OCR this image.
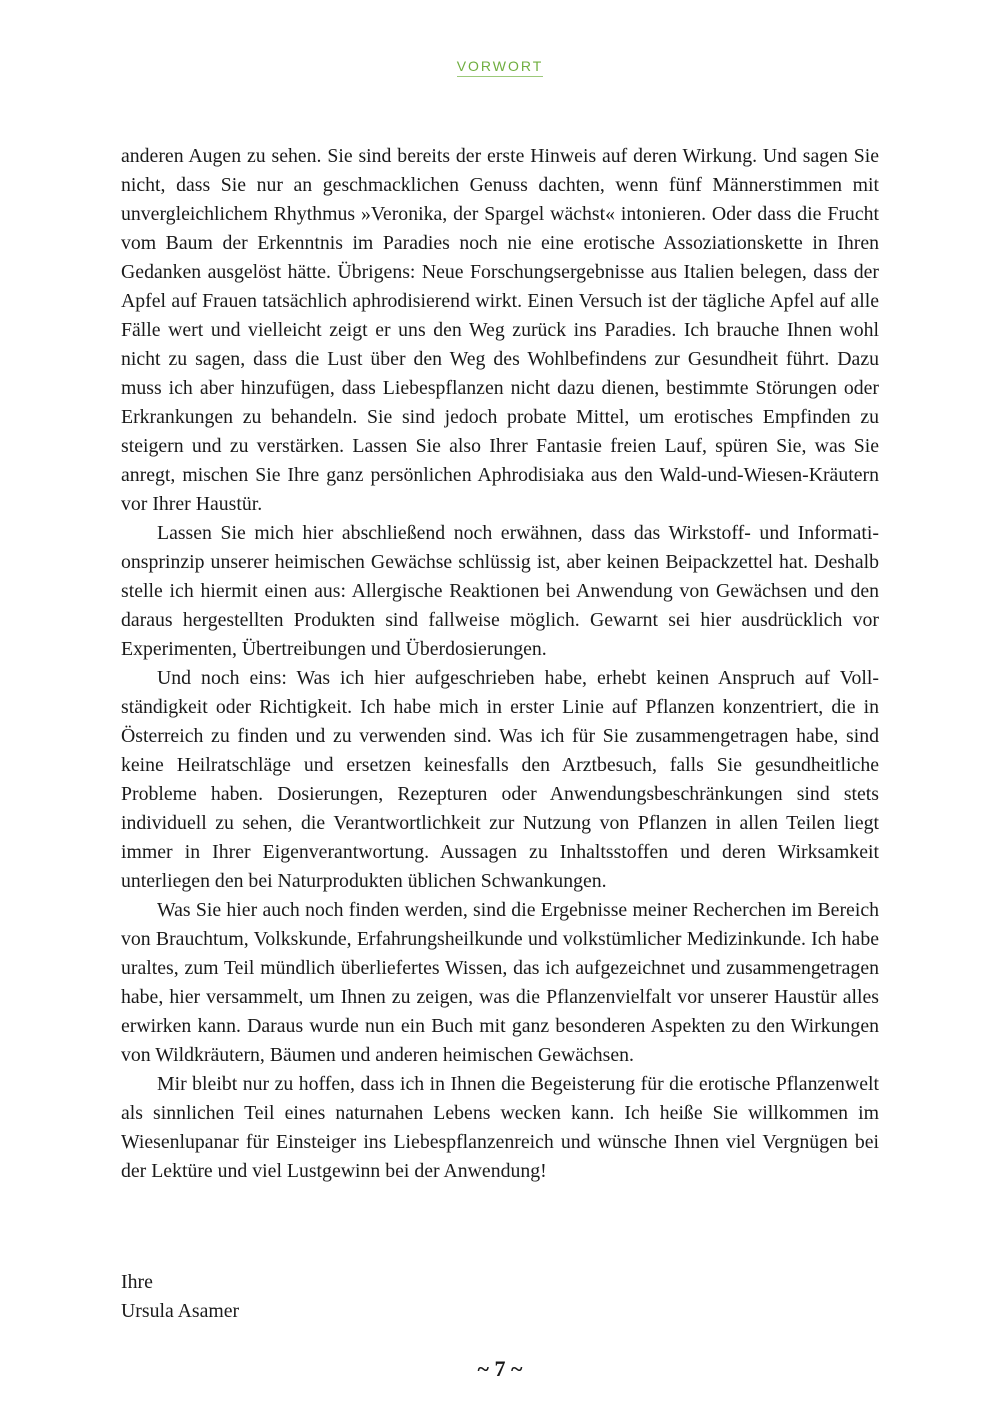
VORWORT

anderen Augen zu sehen. Sie sind bereits der erste Hinweis auf deren Wirkung. Und sagen Sie nicht, dass Sie nur an geschmacklichen Genuss dachten, wenn fünf Männerstimmen mit unvergleichlichem Rhythmus »Veronika, der Spargel wächst« intonieren. Oder dass die Frucht vom Baum der Erkenntnis im Paradies noch nie eine erotische Assoziationskette in Ihren Gedanken ausgelöst hätte. Übrigens: Neue Forschungsergebnisse aus Italien belegen, dass der Apfel auf Frauen tatsächlich aphrodisierend wirkt. Einen Versuch ist der tägliche Apfel auf alle Fälle wert und vielleicht zeigt er uns den Weg zurück ins Paradies. Ich brauche Ihnen wohl nicht zu sagen, dass die Lust über den Weg des Wohlbefindens zur Gesundheit führt. Dazu muss ich aber hinzufügen, dass Liebespflanzen nicht dazu dienen, bestimmte Störungen oder Erkrankungen zu behandeln. Sie sind jedoch probate Mittel, um erotisches Empfinden zu steigern und zu verstärken. Lassen Sie also Ihrer Fantasie freien Lauf, spüren Sie, was Sie anregt, mischen Sie Ihre ganz persönlichen Aphrodisiaka aus den Wald-und-Wiesen-Kräutern vor Ihrer Haustür.

Lassen Sie mich hier abschließend noch erwähnen, dass das Wirkstoff- und Informationsprinzip unserer heimischen Gewächse schlüssig ist, aber keinen Beipackzettel hat. Deshalb stelle ich hiermit einen aus: Allergische Reaktionen bei Anwendung von Gewächsen und den daraus hergestellten Produkten sind fallweise möglich. Gewarnt sei hier ausdrücklich vor Experimenten, Übertreibungen und Überdosierungen.

Und noch eins: Was ich hier aufgeschrieben habe, erhebt keinen Anspruch auf Vollständigkeit oder Richtigkeit. Ich habe mich in erster Linie auf Pflanzen konzentriert, die in Österreich zu finden und zu verwenden sind. Was ich für Sie zusammengetragen habe, sind keine Heilratschläge und ersetzen keinesfalls den Arztbesuch, falls Sie gesundheitliche Probleme haben. Dosierungen, Rezepturen oder Anwendungsbeschränkungen sind stets individuell zu sehen, die Verantwortlichkeit zur Nutzung von Pflanzen in allen Teilen liegt immer in Ihrer Eigenverantwortung. Aussagen zu Inhaltsstoffen und deren Wirksamkeit unterliegen den bei Naturprodukten üblichen Schwankungen.

Was Sie hier auch noch finden werden, sind die Ergebnisse meiner Recherchen im Bereich von Brauchtum, Volkskunde, Erfahrungsheilkunde und volkstümlicher Medizinkunde. Ich habe uraltes, zum Teil mündlich überliefertes Wissen, das ich aufgezeichnet und zusammengetragen habe, hier versammelt, um Ihnen zu zeigen, was die Pflanzenvielfalt vor unserer Haustür alles erwirken kann. Daraus wurde nun ein Buch mit ganz besonderen Aspekten zu den Wirkungen von Wildkräutern, Bäumen und anderen heimischen Gewächsen.

Mir bleibt nur zu hoffen, dass ich in Ihnen die Begeisterung für die erotische Pflanzenwelt als sinnlichen Teil eines naturnahen Lebens wecken kann. Ich heiße Sie willkommen im Wiesenlupanar für Einsteiger ins Liebespflanzenreich und wünsche Ihnen viel Vergnügen bei der Lektüre und viel Lustgewinn bei der Anwendung!

Ihre
Ursula Asamer
~ 7 ~
